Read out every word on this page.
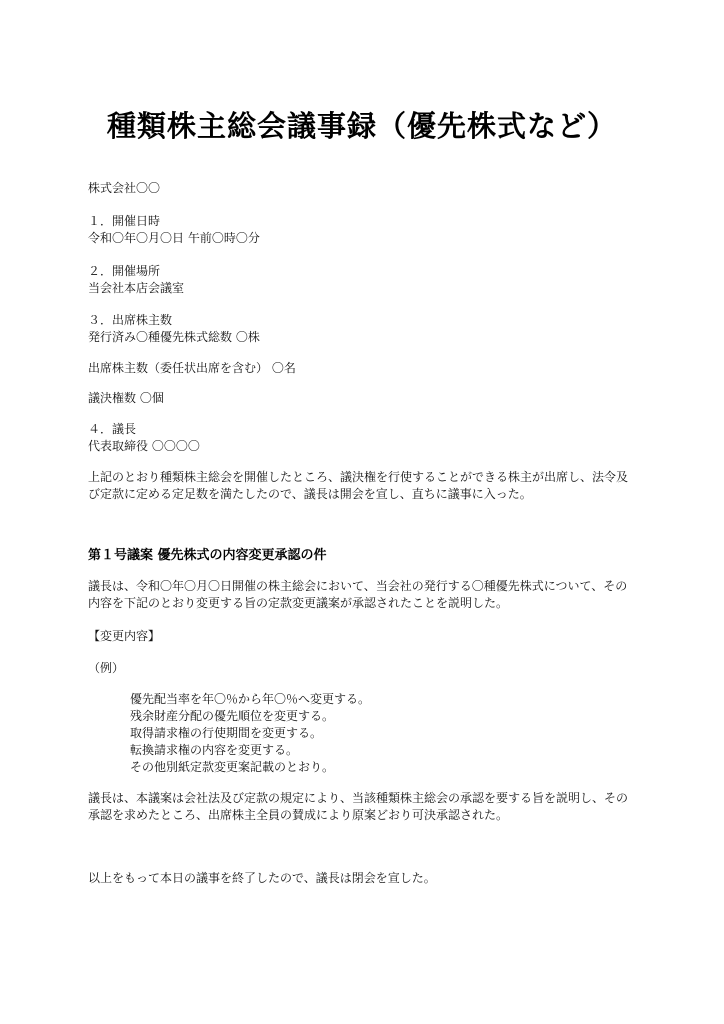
種類株主総会議事録（優先株式など）
株式会社〇〇
１．開催日時
令和〇年〇月〇日 午前〇時〇分
２．開催場所
当会社本店会議室
３．出席株主数
発行済み〇種優先株式総数 〇株
出席株主数（委任状出席を含む） 〇名
議決権数 〇個
４．議長
代表取締役 〇〇〇〇
上記のとおり種類株主総会を開催したところ、議決権を行使することができる株主が出席し、法令及
び定款に定める定足数を満たしたので、議長は開会を宣し、直ちに議事に入った。
第１号議案 優先株式の内容変更承認の件
議長は、令和〇年〇月〇日開催の株主総会において、当会社の発行する〇種優先株式について、その
内容を下記のとおり変更する旨の定款変更議案が承認されたことを説明した。
【変更内容】
（例）
優先配当率を年〇％から年〇％へ変更する。
残余財産分配の優先順位を変更する。
取得請求権の行使期間を変更する。
転換請求権の内容を変更する。
その他別紙定款変更案記載のとおり。
議長は、本議案は会社法及び定款の規定により、当該種類株主総会の承認を要する旨を説明し、その
承認を求めたところ、出席株主全員の賛成により原案どおり可決承認された。
以上をもって本日の議事を終了したので、議長は閉会を宣した。
